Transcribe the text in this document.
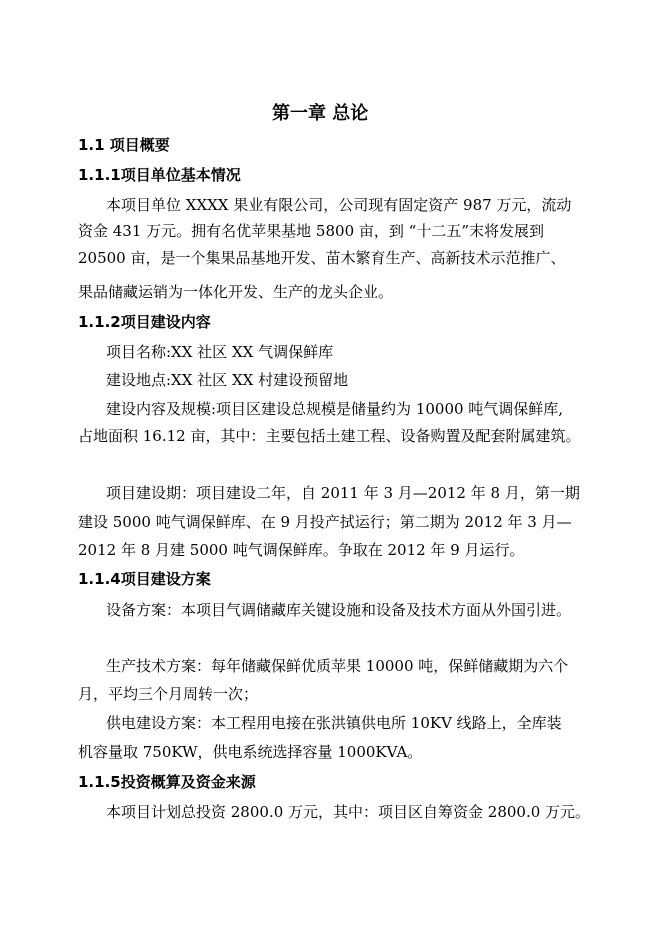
第一章 总论
1.1 项目概要
1.1.1项目单位基本情况
本项目单位 XXXX 果业有限公司，公司现有固定资产 987 万元，流动
资金 431 万元。拥有名优苹果基地 5800 亩，到 “十二五”末将发展到
20500 亩，是一个集果品基地开发、苗木繁育生产、高新技术示范推广、
果品储藏运销为一体化开发、生产的龙头企业。
1.1.2项目建设内容
项目名称:XX 社区 XX 气调保鲜库
建设地点:XX 社区 XX 村建设预留地
建设内容及规模:项目区建设总规模是储量约为 10000 吨气调保鲜库,
占地面积 16.12 亩，其中：主要包括土建工程、设备购置及配套附属建筑。
项目建设期：项目建设二年，自 2011 年 3 月—2012 年 8 月，第一期
建设 5000 吨气调保鲜库、在 9 月投产拭运行；第二期为 2012 年 3 月—
2012 年 8 月建 5000 吨气调保鲜库。争取在 2012 年 9 月运行。
1.1.4项目建设方案
设备方案：本项目气调储藏库关键设施和设备及技术方面从外国引进。
生产技术方案：每年储藏保鲜优质苹果 10000 吨，保鲜储藏期为六个
月，平均三个月周转一次；
供电建设方案：本工程用电接在张洪镇供电所 10KV 线路上，全库装
机容量取 750KW，供电系统选择容量 1000KVA。
1.1.5投资概算及资金来源
本项目计划总投资 2800.0 万元，其中：项目区自筹资金 2800.0 万元。
